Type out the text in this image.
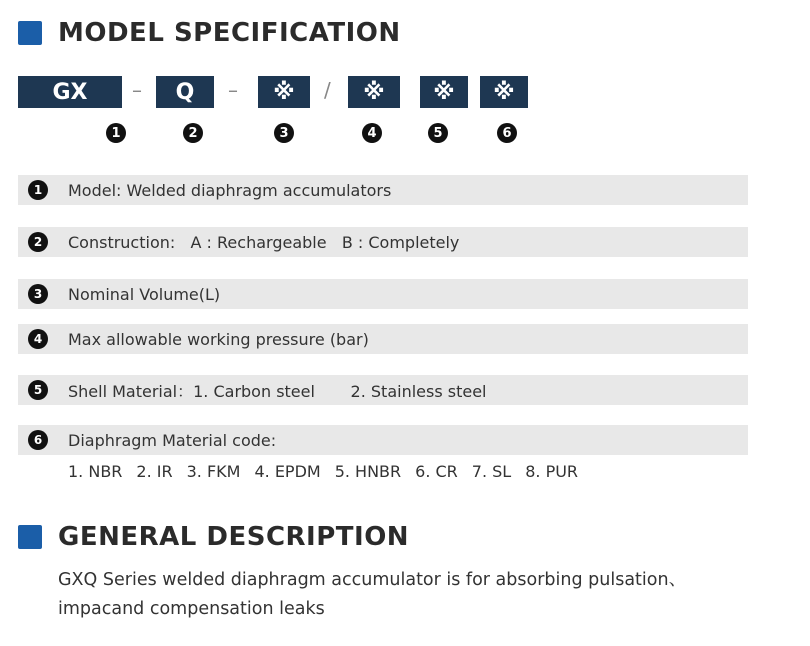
MODEL SPECIFICATION
GX	–	Q	–	※	/	※	※	※
1	2	3	4	5	6
1	Model: Welded diaphragm accumulators
2	Construction:   A : Rechargeable   B : Completely
3	Nominal Volume(L)
4	Max allowable working pressure (bar)
5	Shell Material：1. Carbon steel       2. Stainless steel
6	Diaphragm Material code:
1. NBR 2. IR 3. FKM 4. EPDM 5. HNBR 6. CR 7. SL 8. PUR
GENERAL DESCRIPTION
GXQ Series welded diaphragm accumulator is for absorbing pulsation、
impacand compensation leaks
